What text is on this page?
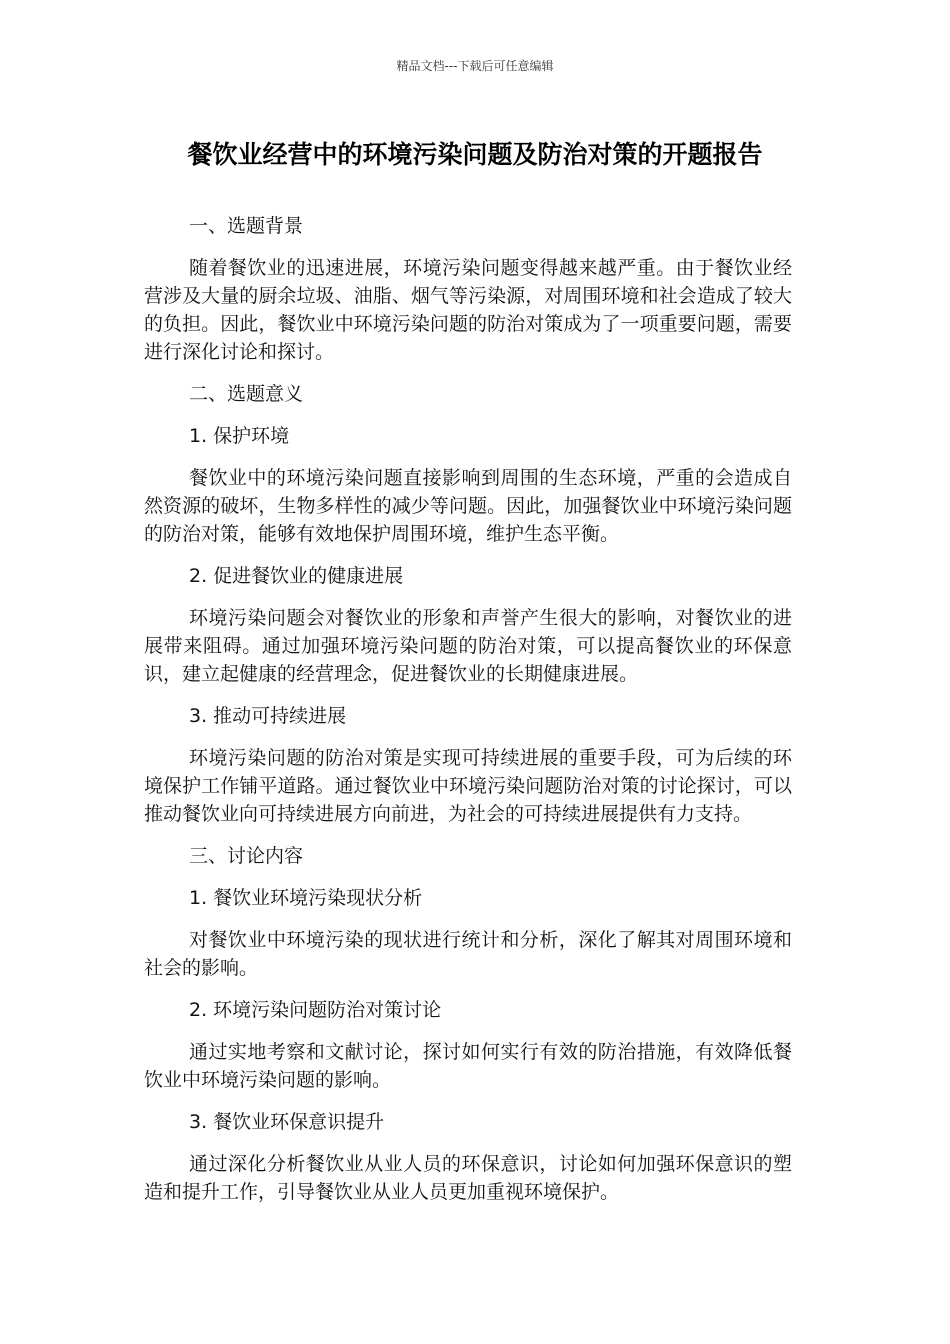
精品文档---下载后可任意编辑
餐饮业经营中的环境污染问题及防治对策的开题报告

一、选题背景

随着餐饮业的迅速进展，环境污染问题变得越来越严重。由于餐饮业经营涉及大量的厨余垃圾、油脂、烟气等污染源，对周围环境和社会造成了较大的负担。因此，餐饮业中环境污染问题的防治对策成为了一项重要问题，需要进行深化讨论和探讨。

二、选题意义

1. 保护环境

餐饮业中的环境污染问题直接影响到周围的生态环境，严重的会造成自然资源的破坏，生物多样性的减少等问题。因此，加强餐饮业中环境污染问题的防治对策，能够有效地保护周围环境，维护生态平衡。

2. 促进餐饮业的健康进展

环境污染问题会对餐饮业的形象和声誉产生很大的影响，对餐饮业的进展带来阻碍。通过加强环境污染问题的防治对策，可以提高餐饮业的环保意识，建立起健康的经营理念，促进餐饮业的长期健康进展。

3. 推动可持续进展

环境污染问题的防治对策是实现可持续进展的重要手段，可为后续的环境保护工作铺平道路。通过餐饮业中环境污染问题防治对策的讨论探讨，可以推动餐饮业向可持续进展方向前进，为社会的可持续进展提供有力支持。

三、讨论内容

1. 餐饮业环境污染现状分析

对餐饮业中环境污染的现状进行统计和分析，深化了解其对周围环境和社会的影响。

2. 环境污染问题防治对策讨论

通过实地考察和文献讨论，探讨如何实行有效的防治措施，有效降低餐饮业中环境污染问题的影响。

3. 餐饮业环保意识提升

通过深化分析餐饮业从业人员的环保意识，讨论如何加强环保意识的塑造和提升工作，引导餐饮业从业人员更加重视环境保护。
